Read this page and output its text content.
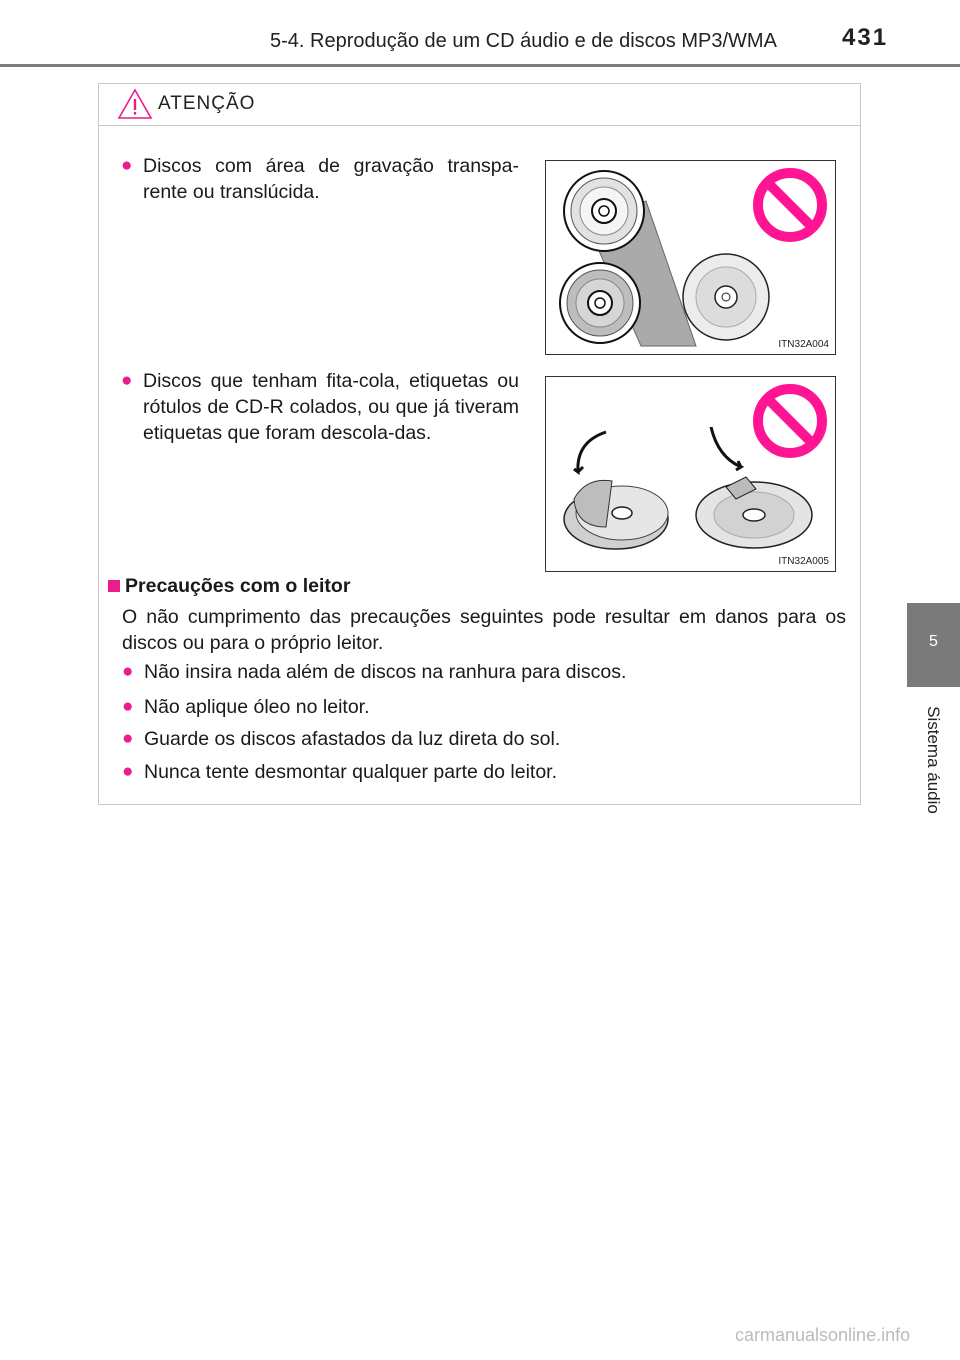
5-4. Reprodução de um CD áudio e de discos MP3/WMA	431
5
Sistema áudio
ATENÇÃO
● Discos com área de gravação transpa-rente ou translúcida.
ITN32A004
● Discos que tenham fita-cola, etiquetas ou rótulos de CD-R colados, ou que já tiveram etiquetas que foram descola-das.
ITN32A005
Precauções com o leitor
O não cumprimento das precauções seguintes pode resultar em danos para os discos ou para o próprio leitor.
● Não insira nada além de discos na ranhura para discos.
● Não aplique óleo no leitor.
● Guarde os discos afastados da luz direta do sol.
● Nunca tente desmontar qualquer parte do leitor.
carmanualsonline.info
